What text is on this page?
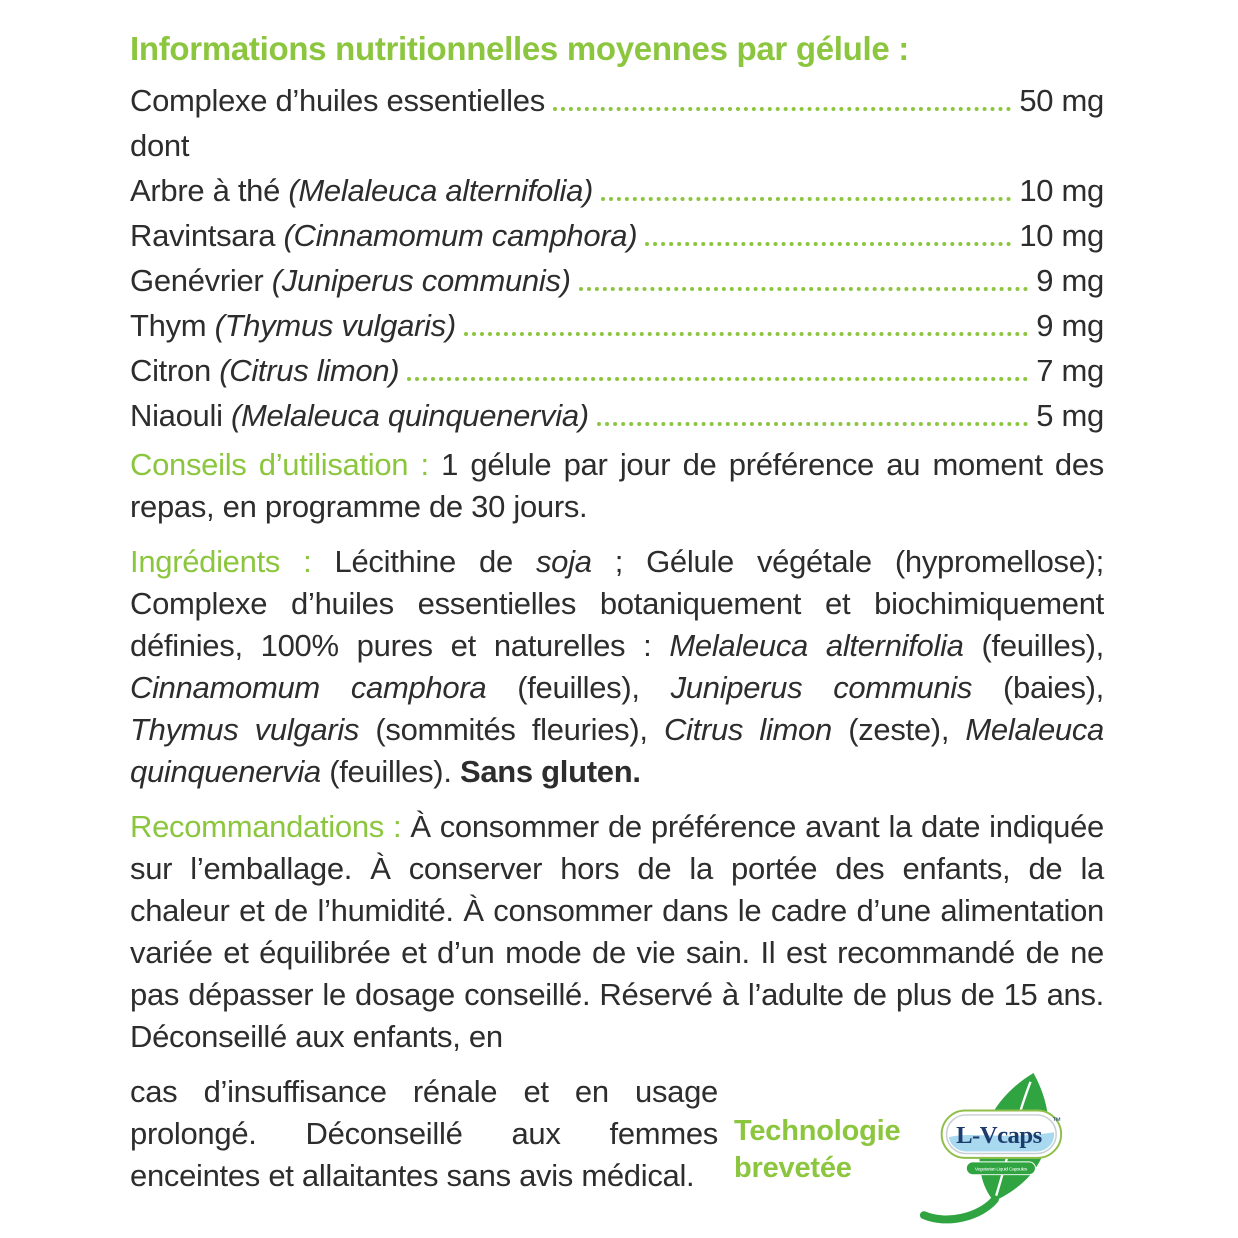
Informations nutritionnelles moyennes par gélule :
Complexe d’huiles essentielles	50 mg
dont
Arbre à thé (Melaleuca alternifolia)	10 mg
Ravintsara (Cinnamomum camphora)	10 mg
Genévrier (Juniperus communis)	9 mg
Thym (Thymus vulgaris)	9 mg
Citron (Citrus limon)	7 mg
Niaouli (Melaleuca quinquenervia)	5 mg

Conseils d’utilisation : 1 gélule par jour de préférence au moment des repas, en programme de 30 jours.

Ingrédients : Lécithine de soja ; Gélule végétale (hypromellose); Complexe d’huiles essentielles botaniquement et biochimiquement définies, 100% pures et naturelles : Melaleuca alternifolia (feuilles), Cinnamomum camphora (feuilles), Juniperus communis (baies), Thymus vulgaris (sommités fleuries), Citrus limon (zeste), Melaleuca quinquenervia (feuilles). Sans gluten.

Recommandations : À consommer de préférence avant la date indiquée sur l’emballage. À conserver hors de la portée des enfants, de la chaleur et de l’humidité. À consommer dans le cadre d’une alimentation variée et équilibrée et d’un mode de vie sain. Il est recommandé de ne pas dépasser le dosage conseillé. Réservé à l’adulte de plus de 15 ans. Déconseillé aux enfants, en

cas d’insuffisance rénale et en usage prolongé. Déconseillé aux femmes enceintes et allaitantes sans avis médical.

Technologie
brevetée
L-Vcaps
™
Vegetarian Liquid Capsules
